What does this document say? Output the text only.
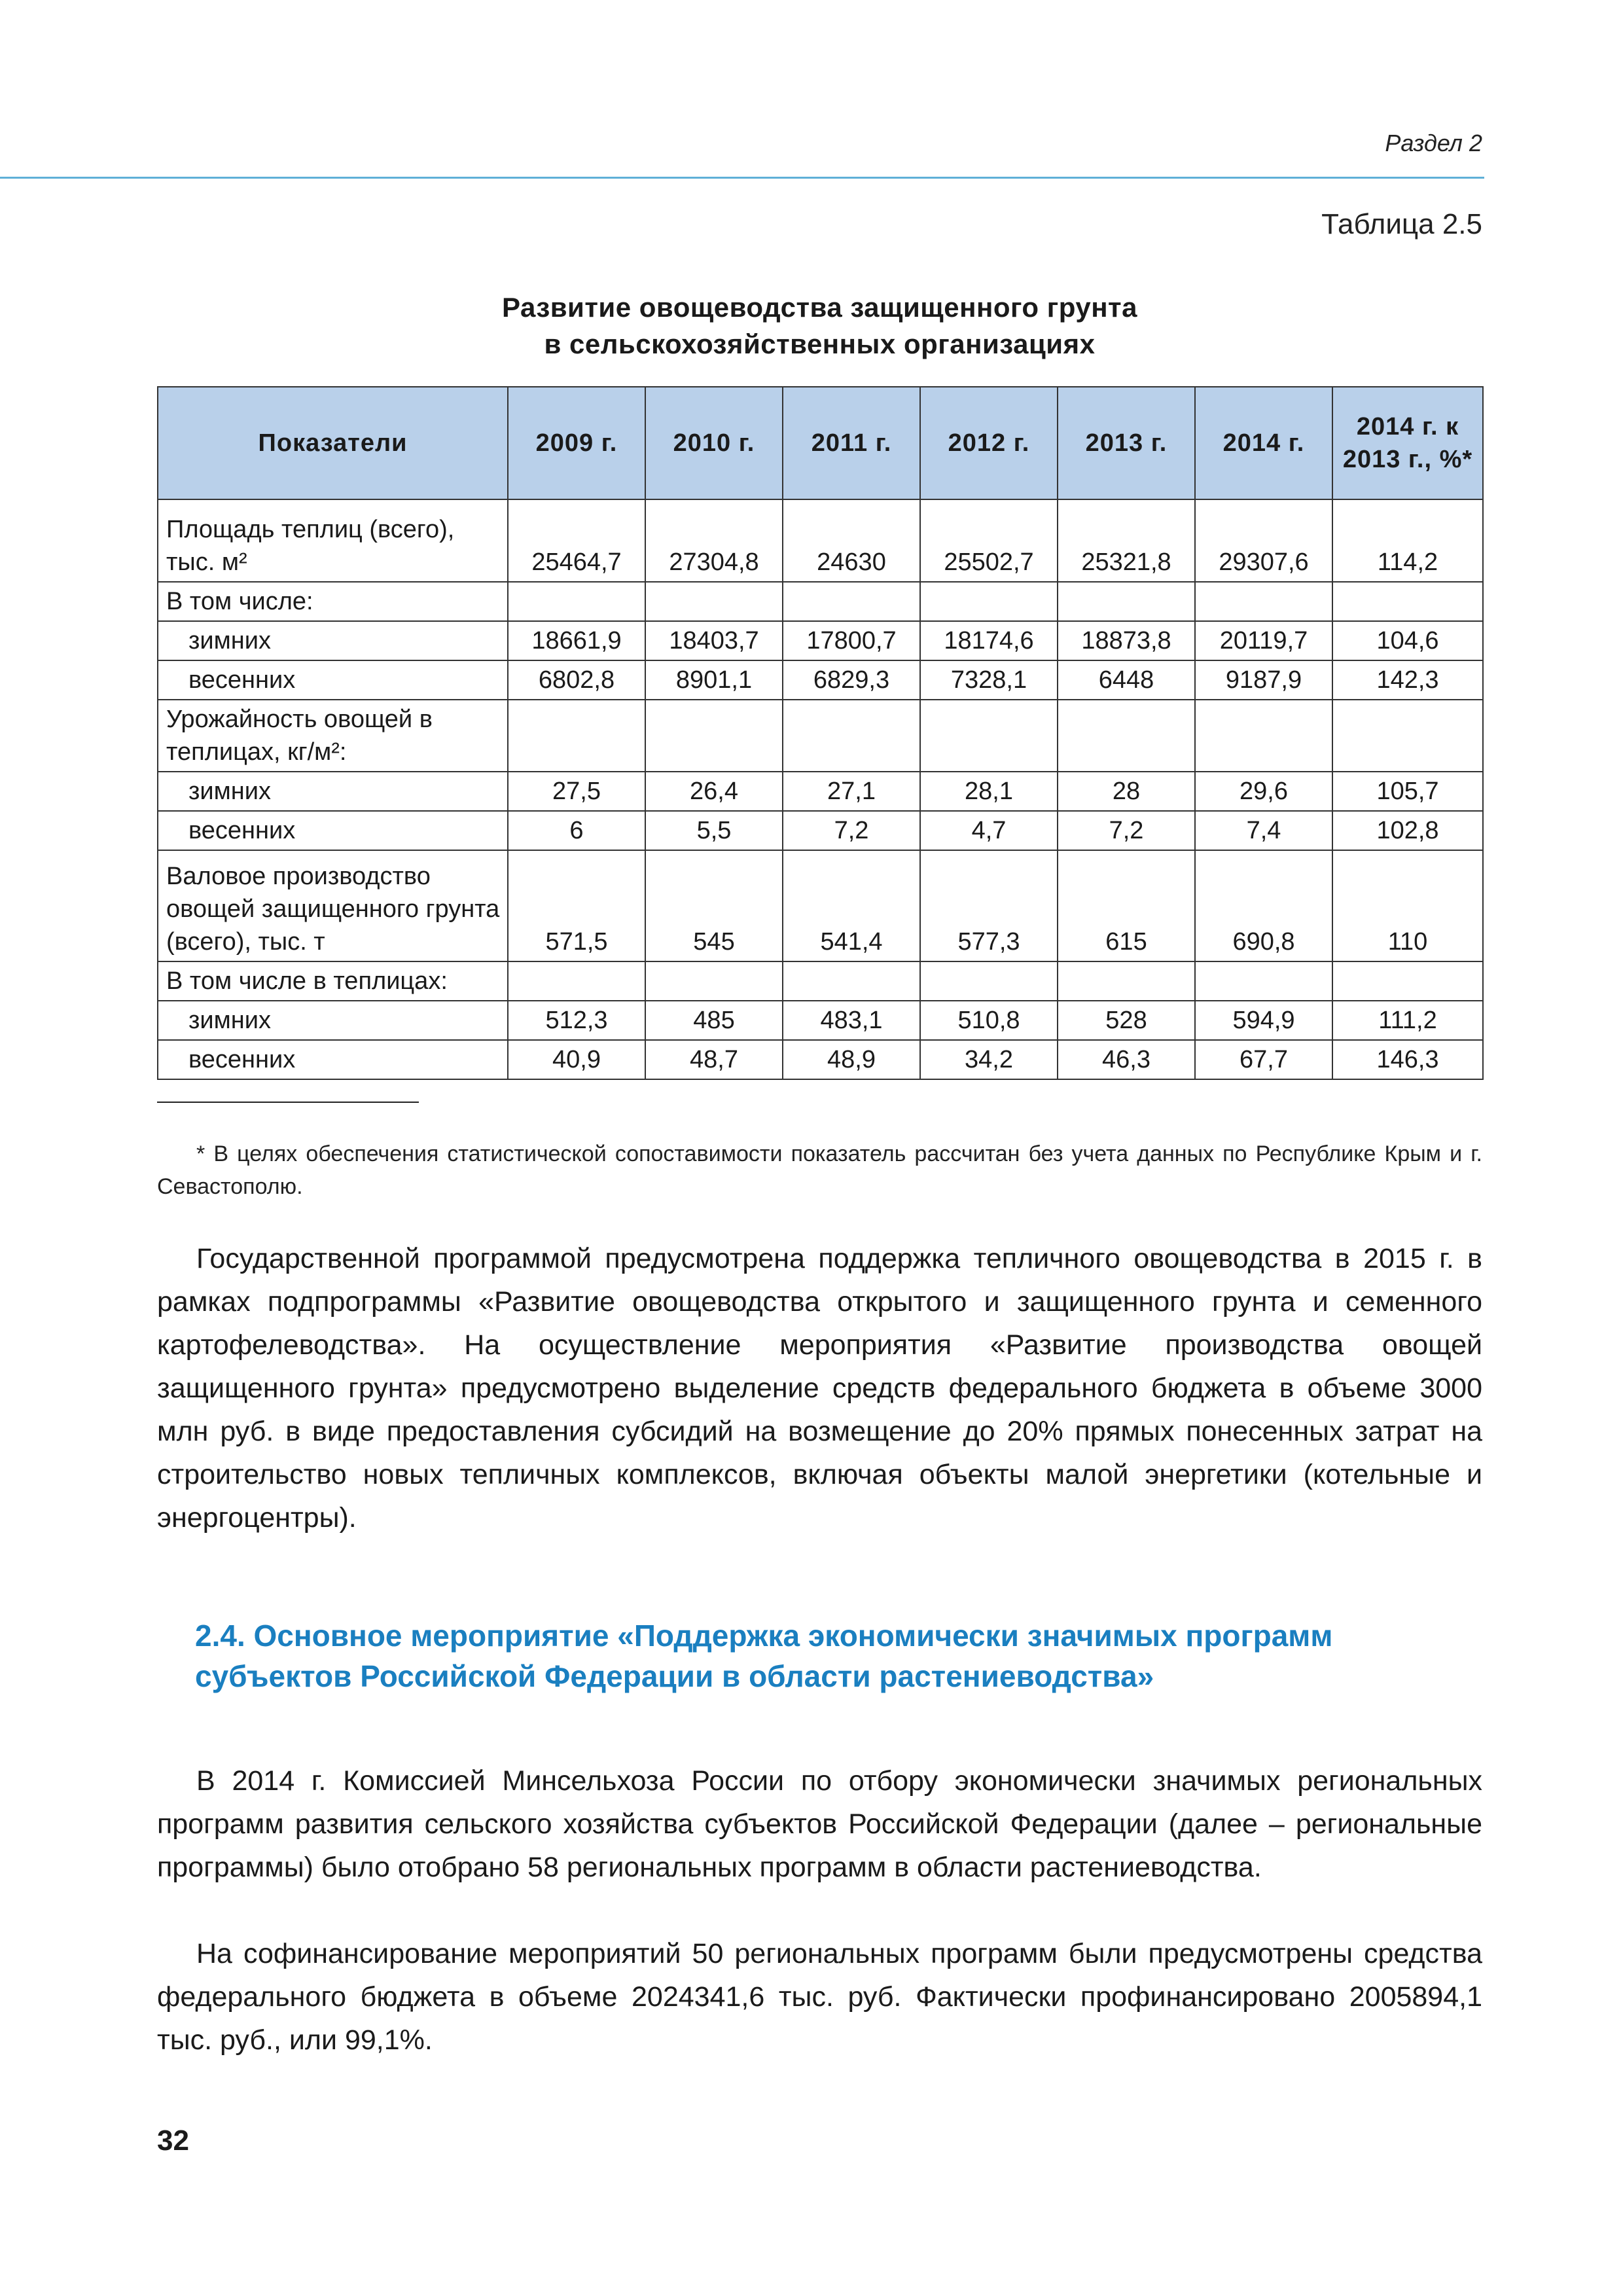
Раздел 2
Таблица 2.5
Развитие овощеводства защищенного грунта
в сельскохозяйственных организациях
Показатели	2009 г.	2010 г.	2011 г.	2012 г.	2013 г.	2014 г.	2014 г. к 2013 г., %*
Площадь теплиц (всего), тыс. м²	25464,7	27304,8	24630	25502,7	25321,8	29307,6	114,2
В том числе:							
зимних	18661,9	18403,7	17800,7	18174,6	18873,8	20119,7	104,6
весенних	6802,8	8901,1	6829,3	7328,1	6448	9187,9	142,3
Урожайность овощей в теплицах, кг/м²:							
зимних	27,5	26,4	27,1	28,1	28	29,6	105,7
весенних	6	5,5	7,2	4,7	7,2	7,4	102,8
Валовое производство овощей защищенного грунта (всего), тыс. т	571,5	545	541,4	577,3	615	690,8	110
В том числе в теплицах:							
зимних	512,3	485	483,1	510,8	528	594,9	111,2
весенних	40,9	48,7	48,9	34,2	46,3	67,7	146,3
* В целях обеспечения статистической сопоставимости показатель рассчитан без учета данных по Республике Крым и г. Севастополю.

Государственной программой предусмотрена поддержка тепличного овощеводства в 2015 г. в рамках подпрограммы «Развитие овощеводства открытого и защищенного грунта и семенного картофелеводства». На осуществление мероприятия «Развитие производства овощей защищенного грунта» предусмотрено выделение средств федерального бюджета в объеме 3000 млн руб. в виде предоставления субсидий на возмещение до 20% прямых понесенных затрат на строительство новых тепличных комплексов, включая объекты малой энергетики (котельные и энергоцентры).

2.4. Основное мероприятие «Поддержка экономически значимых программ субъектов Российской Федерации в области растениеводства»

В 2014 г. Комиссией Минсельхоза России по отбору экономически значимых региональных программ развития сельского хозяйства субъектов Российской Федерации (далее – региональные программы) было отобрано 58 региональных программ в области растениеводства.

На софинансирование мероприятий 50 региональных программ были предусмотрены средства федерального бюджета в объеме 2024341,6 тыс. руб. Фактически профинансировано 2005894,1 тыс. руб., или 99,1%.

32
